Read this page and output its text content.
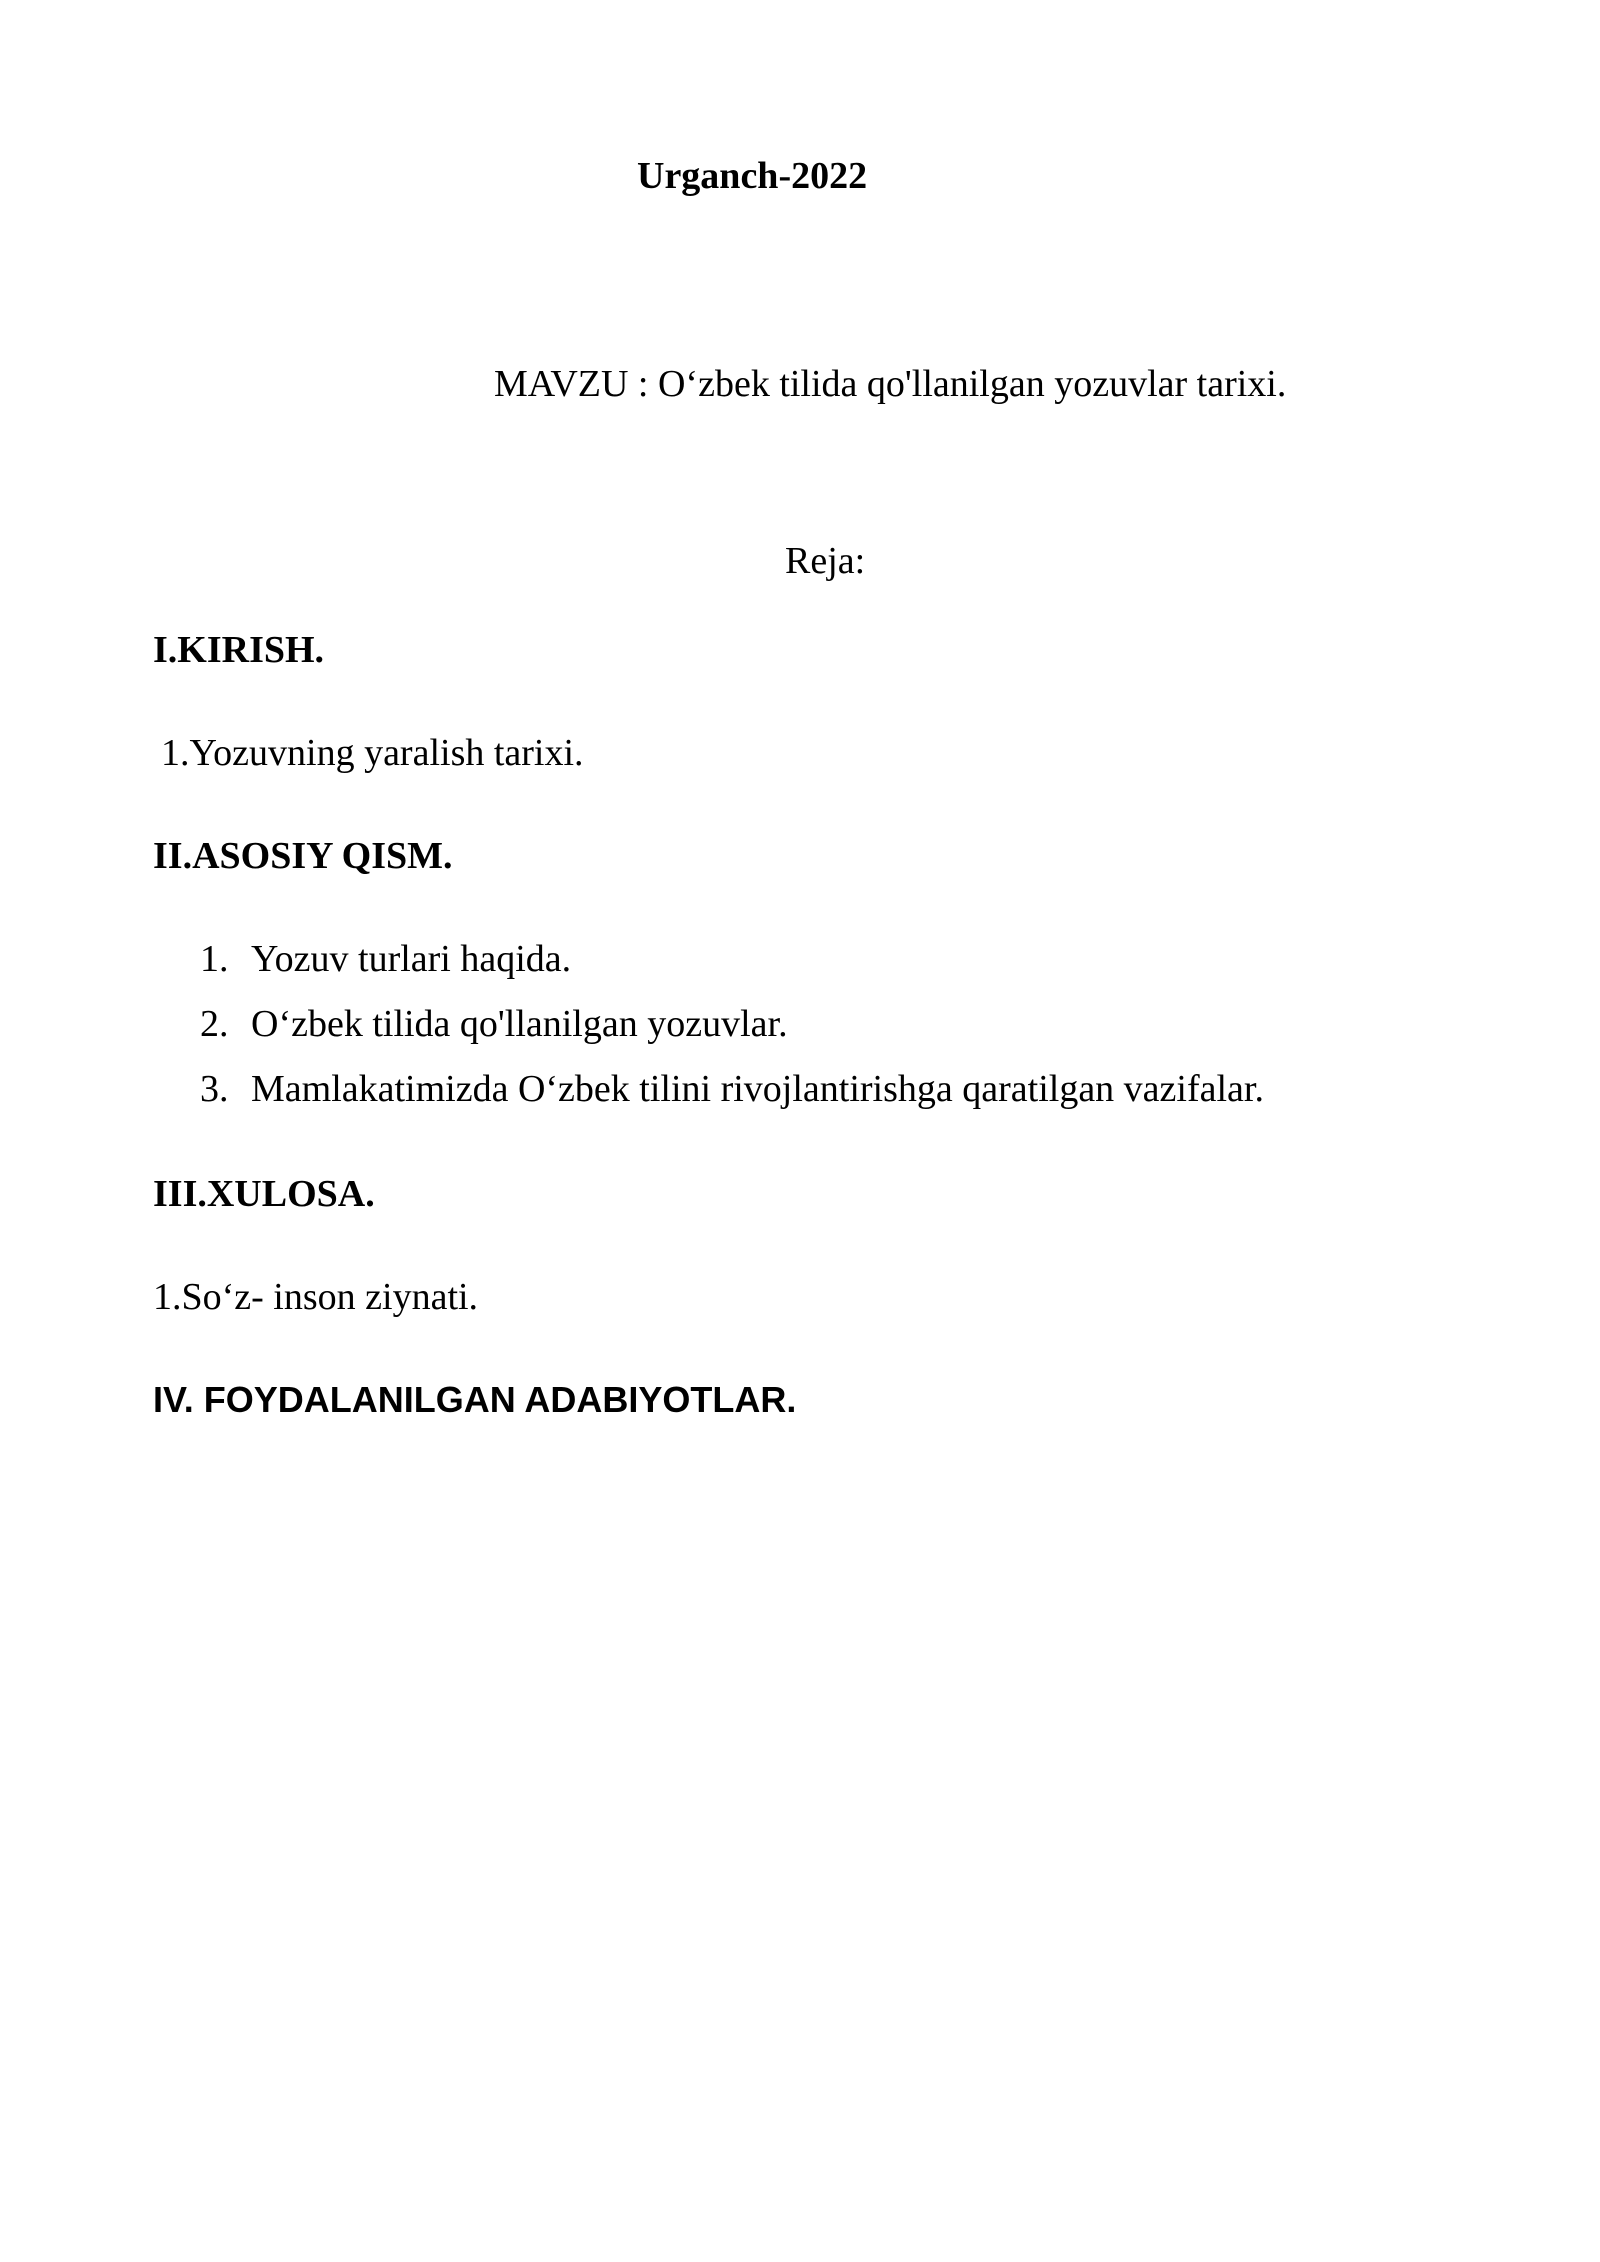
Urganch-2022

MAVZU : O‘zbek tilida qo'llanilgan yozuvlar tarixi.

Reja:

I.KIRISH.

1.Yozuvning yaralish tarixi.

II.ASOSIY QISM.

1. Yozuv turlari haqida.
2. O‘zbek tilida qo'llanilgan yozuvlar.
3. Mamlakatimizda O‘zbek tilini rivojlantirishga qaratilgan vazifalar.

III.XULOSA.

1.So‘z- inson ziynati.

IV. FOYDALANILGAN ADABIYOTLAR.
